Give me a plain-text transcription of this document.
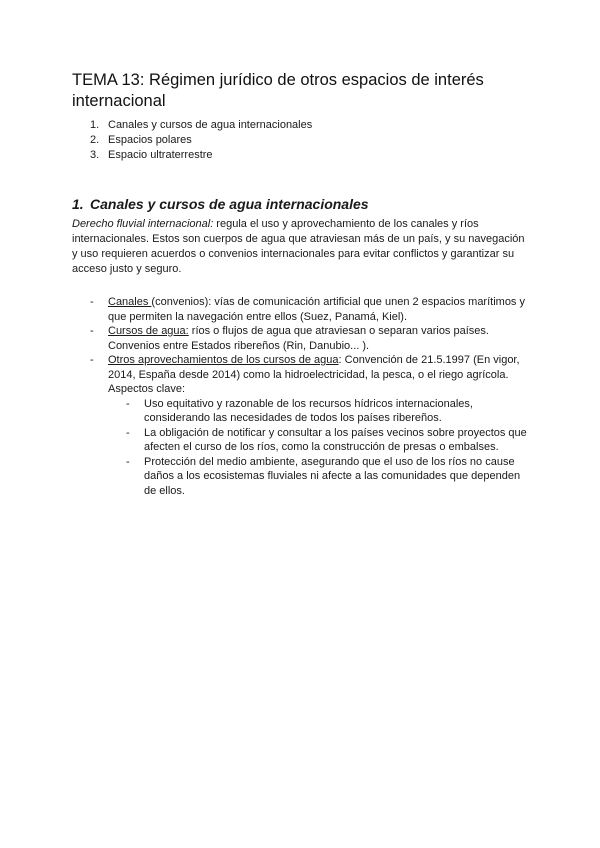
TEMA 13: Régimen jurídico de otros espacios de interés internacional
1. Canales y cursos de agua internacionales
2. Espacios polares
3. Espacio ultraterrestre
1. Canales y cursos de agua internacionales

Derecho fluvial internacional: regula el uso y aprovechamiento de los canales y ríos internacionales. Estos son cuerpos de agua que atraviesan más de un país, y su navegación y uso requieren acuerdos o convenios internacionales para evitar conflictos y garantizar su acceso justo y seguro.

-	Canales (convenios): vías de comunicación artificial que unen 2 espacios marítimos y que permiten la navegación entre ellos (Suez, Panamá, Kiel).
-	Cursos de agua: ríos o flujos de agua que atraviesan o separan varios países. Convenios entre Estados ribereños (Rin, Danubio... ).
-	Otros aprovechamientos de los cursos de agua: Convención de 21.5.1997 (En vigor, 2014, España desde 2014) como la hidroelectricidad, la pesca, o el riego agrícola. Aspectos clave:
-	Uso equitativo y razonable de los recursos hídricos internacionales, considerando las necesidades de todos los países ribereños.
-	La obligación de notificar y consultar a los países vecinos sobre proyectos que afecten el curso de los ríos, como la construcción de presas o embalses.
-	Protección del medio ambiente, asegurando que el uso de los ríos no cause daños a los ecosistemas fluviales ni afecte a las comunidades que dependen de ellos.
